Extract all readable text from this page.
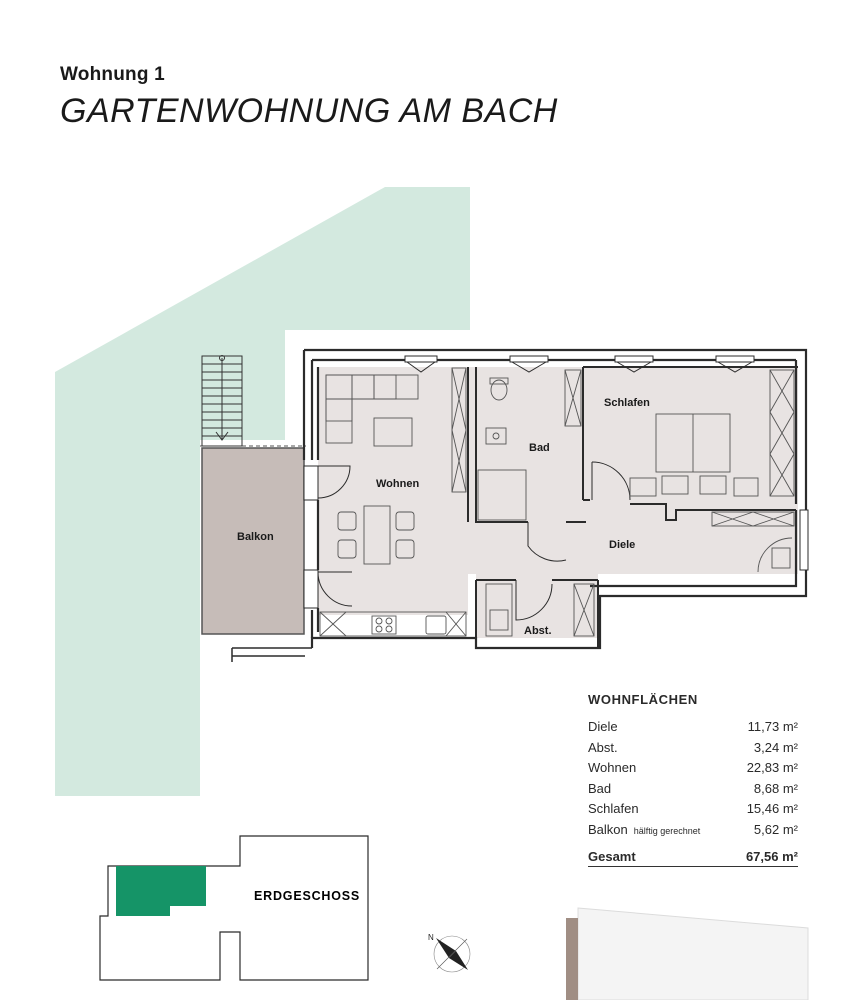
Wohnung 1
GARTENWOHNUNG AM BACH
Wohnen
Bad
Schlafen
Diele
Abst.
Balkon
ERDGESCHOSS
N
WOHNFLÄCHEN
Diele	11,73 m²
Abst.	3,24 m²
Wohnen	22,83 m²
Bad	8,68 m²
Schlafen	15,46 m²
Balkon hälftig gerechnet	5,62 m²
Gesamt	67,56 m²
